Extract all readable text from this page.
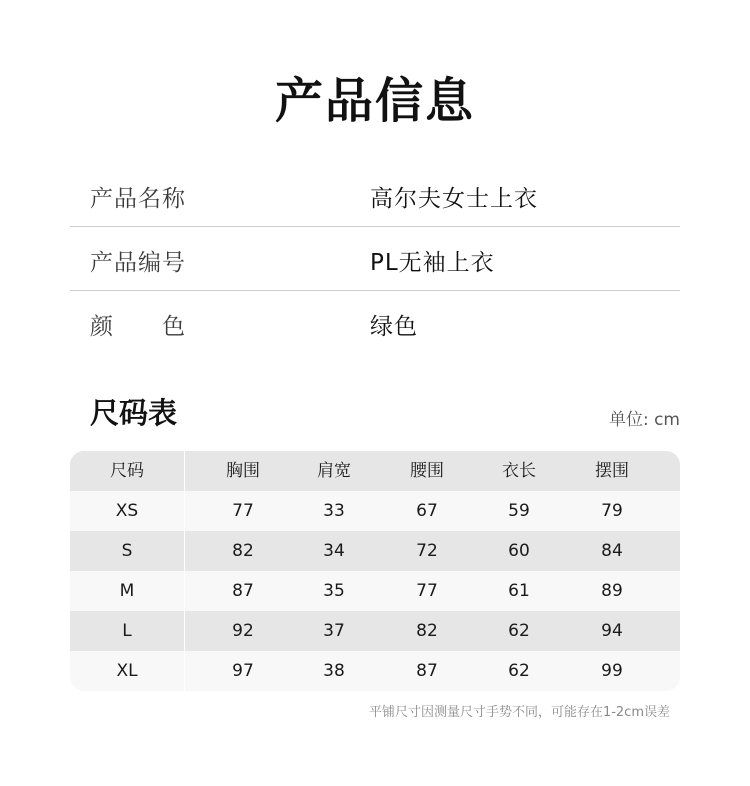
产品信息
产品名称	高尔夫女士上衣
产品编号	PL无袖上衣
颜 色	绿色
尺码表	单位: cm
尺码	胸围	肩宽	腰围	衣长	摆围
XS	77	33	67	59	79
S	82	34	72	60	84
M	87	35	77	61	89
L	92	37	82	62	94
XL	97	38	87	62	99
平铺尺寸因测量尺寸手势不同，可能存在1-2cm误差
